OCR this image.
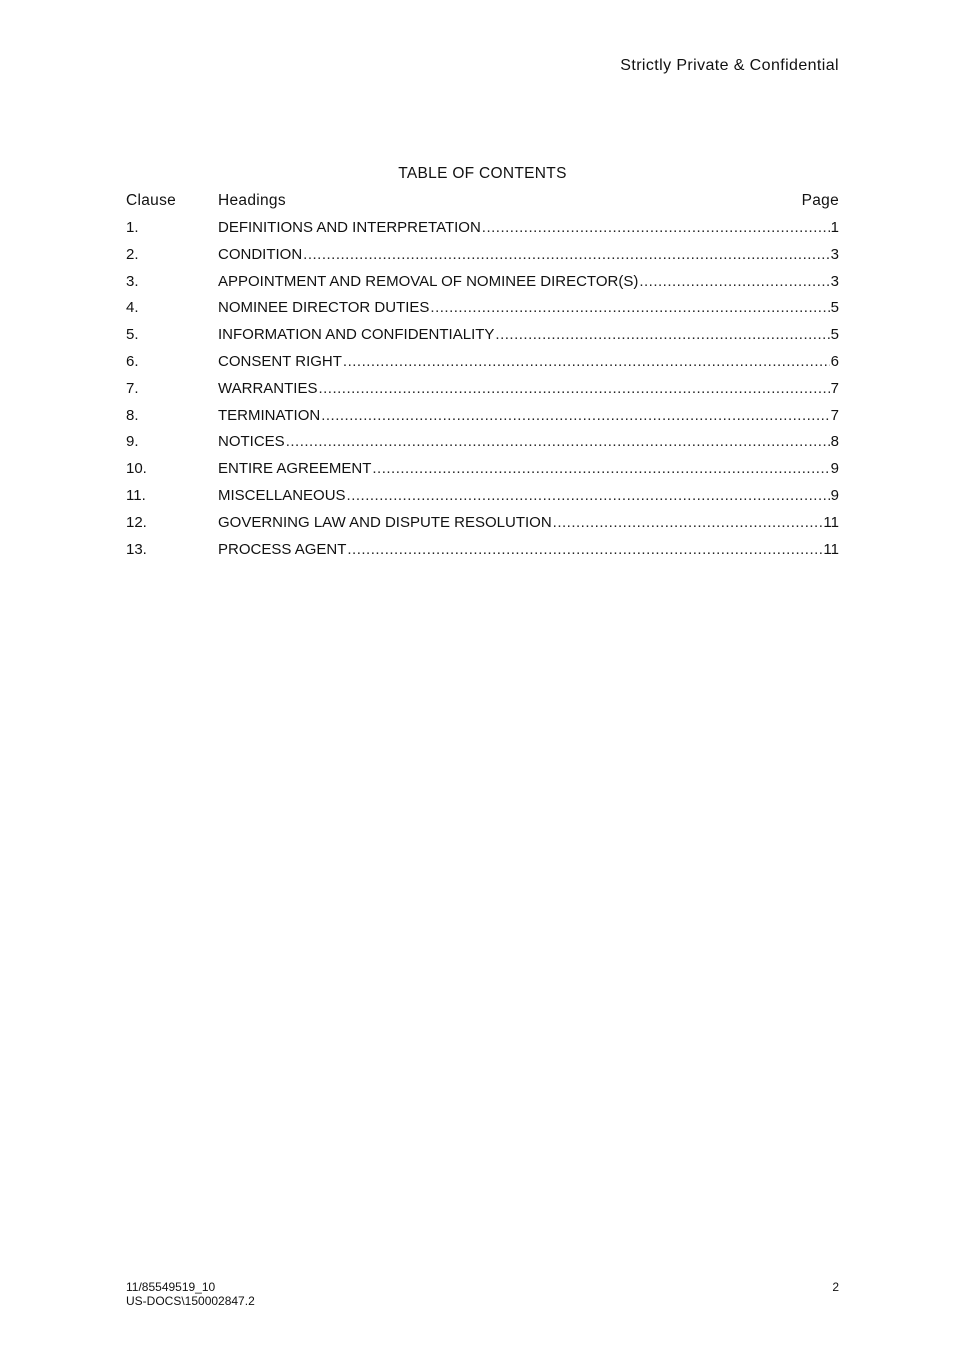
Strictly Private & Confidential
TABLE OF CONTENTS
Clause	Headings	Page
1.	DEFINITIONS AND INTERPRETATION .....	1
2.	CONDITION .....	3
3.	APPOINTMENT AND REMOVAL OF NOMINEE DIRECTOR(S) .....	3
4.	NOMINEE DIRECTOR DUTIES .....	5
5.	INFORMATION AND CONFIDENTIALITY .....	5
6.	CONSENT RIGHT .....	6
7.	WARRANTIES .....	7
8.	TERMINATION .....	7
9.	NOTICES .....	8
10.	ENTIRE AGREEMENT .....	9
11.	MISCELLANEOUS .....	9
12.	GOVERNING LAW AND DISPUTE RESOLUTION .....	11
13.	PROCESS AGENT .....	11
11/85549519_10
US-DOCS\150002847.2
2
